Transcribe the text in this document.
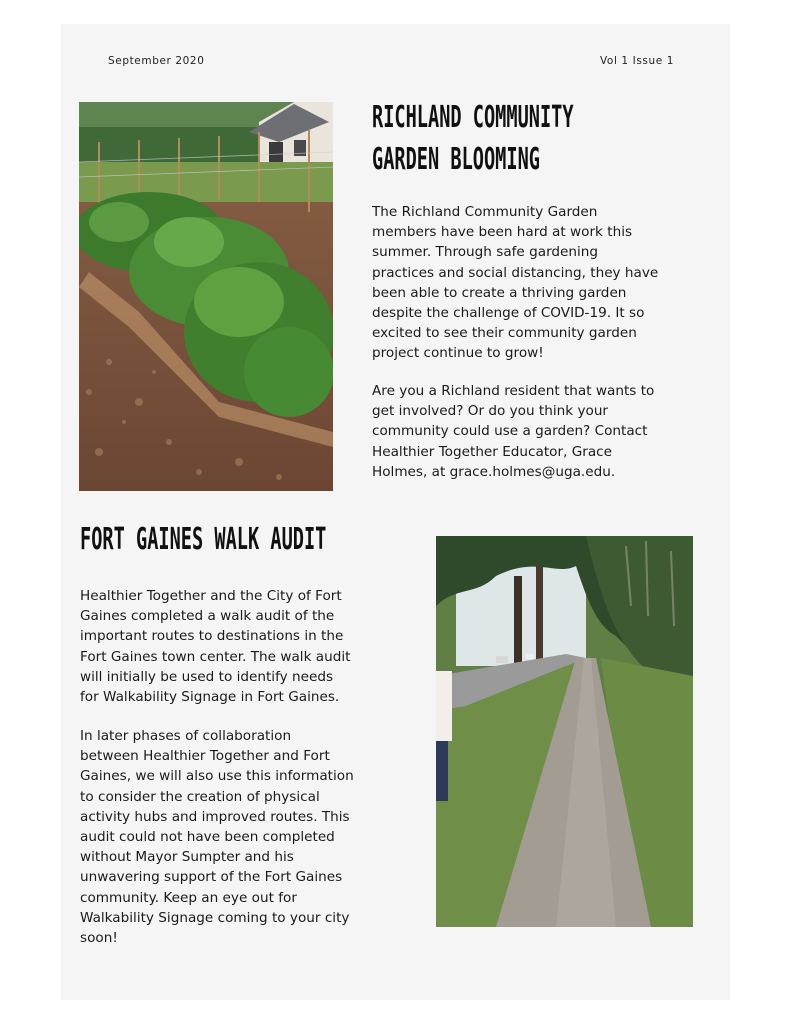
September 2020	Vol 1 Issue 1
RICHLAND COMMUNITY
GARDEN BLOOMING

The Richland Community Garden
members have been hard at work this
summer. Through safe gardening
practices and social distancing, they have
been able to create a thriving garden
despite the challenge of COVID-19. It so
excited to see their community garden
project continue to grow!

Are you a Richland resident that wants to
get involved? Or do you think your
community could use a garden? Contact
Healthier Together Educator, Grace
Holmes, at grace.holmes@uga.edu.

FORT GAINES WALK AUDIT

Healthier Together and the City of Fort
Gaines completed a walk audit of the
important routes to destinations in the
Fort Gaines town center. The walk audit
will initially be used to identify needs
for Walkability Signage in Fort Gaines.

In later phases of collaboration
between Healthier Together and Fort
Gaines, we will also use this information
to consider the creation of physical
activity hubs and improved routes. This
audit could not have been completed
without Mayor Sumpter and his
unwavering support of the Fort Gaines
community. Keep an eye out for
Walkability Signage coming to your city
soon!
